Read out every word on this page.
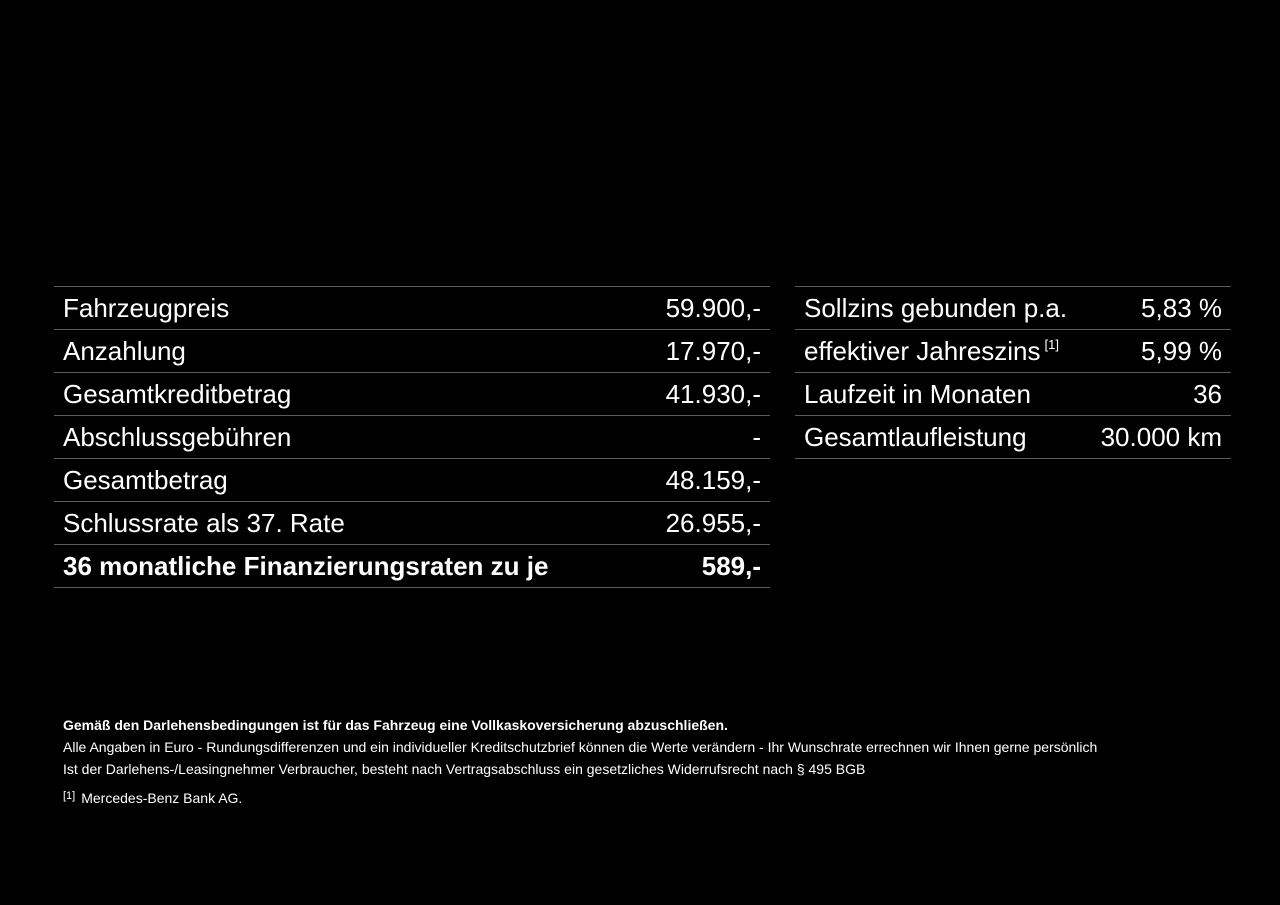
Fahrzeugpreis	59.900,-
Anzahlung	17.970,-
Gesamtkreditbetrag	41.930,-
Abschlussgebühren	-
Gesamtbetrag	48.159,-
Schlussrate als 37. Rate	26.955,-
36 monatliche Finanzierungsraten zu je	589,-
Sollzins gebunden p.a.	5,83 %
effektiver Jahreszins [1]	5,99 %
Laufzeit in Monaten	36
Gesamtlaufleistung	30.000 km
Gemäß den Darlehensbedingungen ist für das Fahrzeug eine Vollkaskoversicherung abzuschließen.
Alle Angaben in Euro - Rundungsdifferenzen und ein individueller Kreditschutzbrief können die Werte verändern - Ihr Wunschrate errechnen wir Ihnen gerne persönlich
Ist der Darlehens-/Leasingnehmer Verbraucher, besteht nach Vertragsabschluss ein gesetzliches Widerrufsrecht nach § 495 BGB
[1] Mercedes-Benz Bank AG.
